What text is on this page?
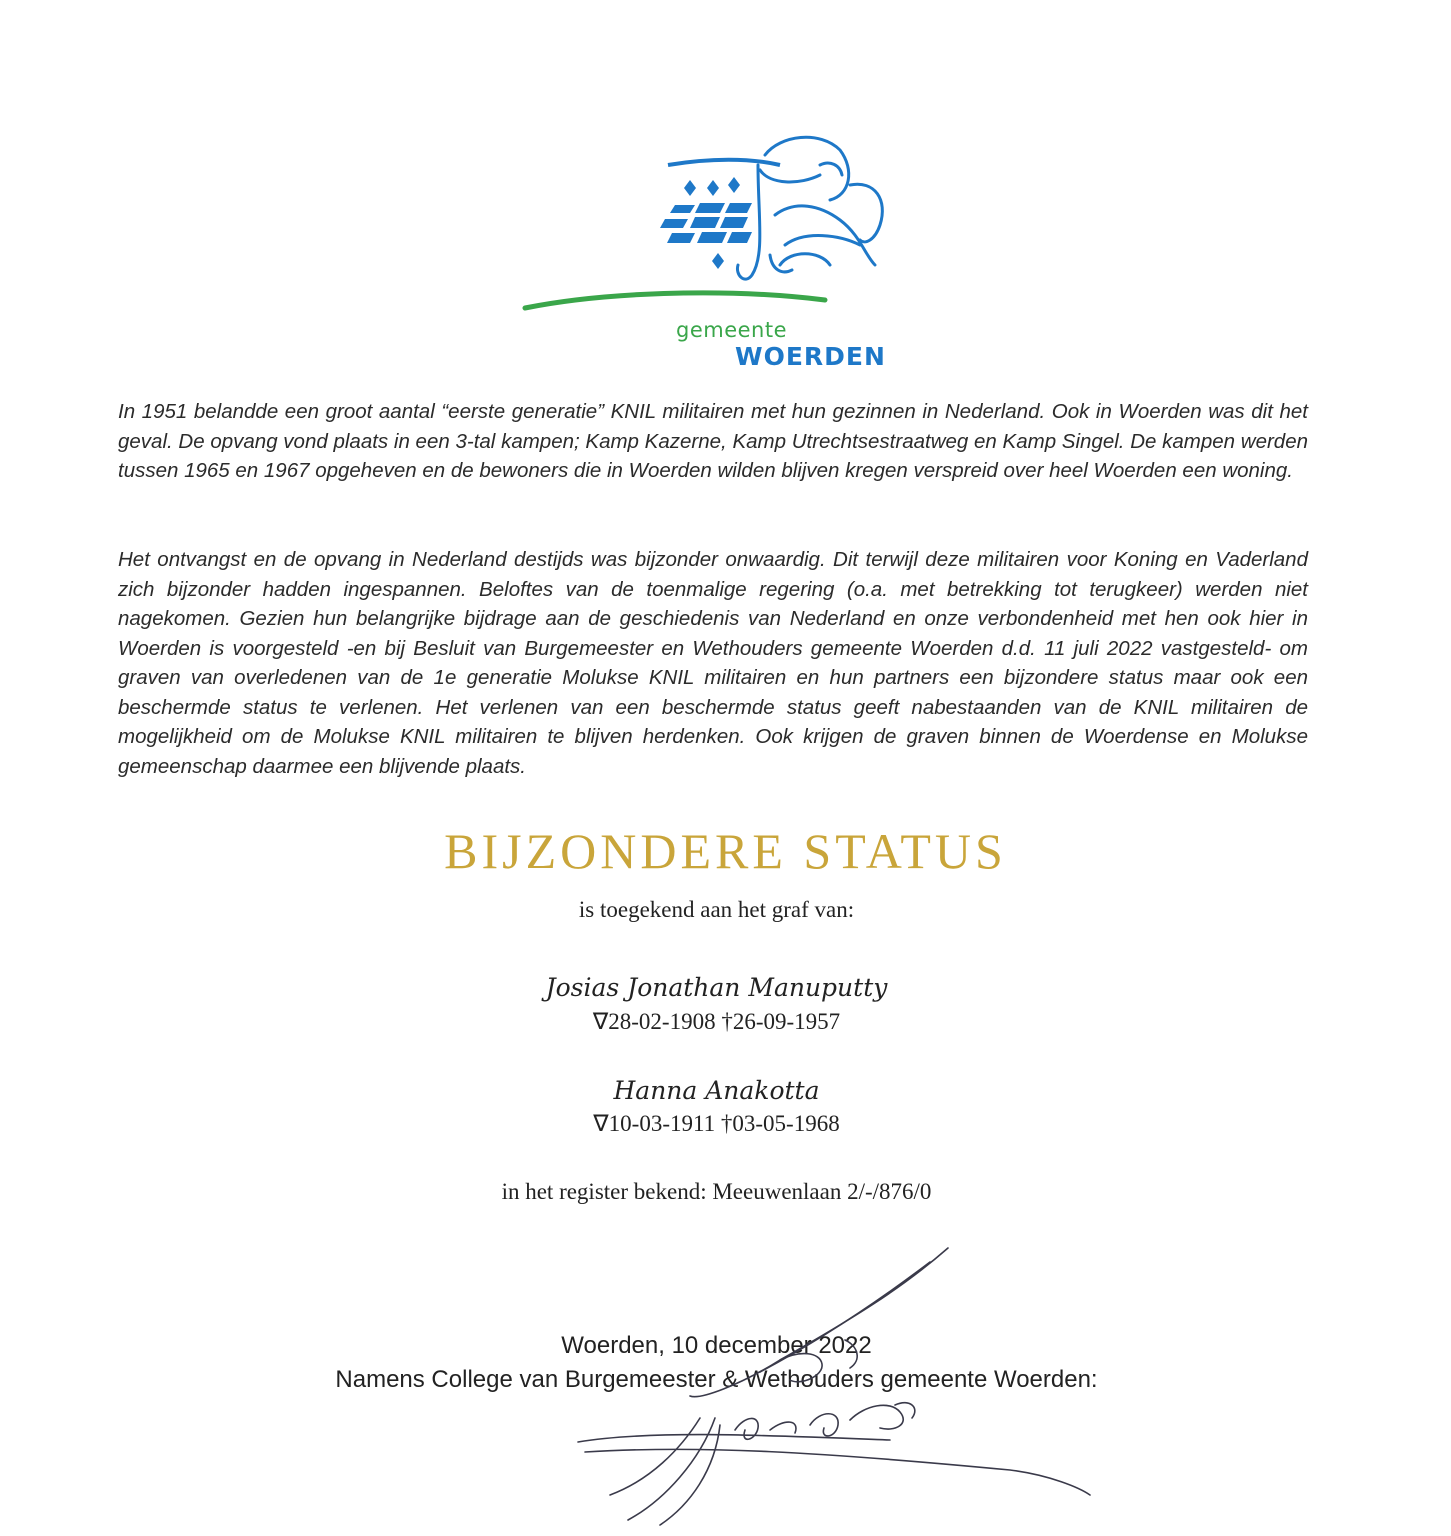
gemeente
WOERDEN

In 1951 belandde een groot aantal “eerste generatie” KNIL militairen met hun gezinnen in Nederland. Ook in Woerden was dit het geval. De opvang vond plaats in een 3-tal kampen; Kamp Kazerne, Kamp Utrechtsestraatweg en Kamp Singel. De kampen werden tussen 1965 en 1967 opgeheven en de bewoners die in Woerden wilden blijven kregen verspreid over heel Woerden een woning.

Het ontvangst en de opvang in Nederland destijds was bijzonder onwaardig. Dit terwijl deze militairen voor Koning en Vaderland zich bijzonder hadden ingespannen. Beloftes van de toenmalige regering (o.a. met betrekking tot terugkeer) werden niet nagekomen. Gezien hun belangrijke bijdrage aan de geschiedenis van Nederland en onze verbondenheid met hen ook hier in Woerden is voorgesteld -en bij Besluit van Burgemeester en Wethouders gemeente Woerden d.d. 11 juli 2022 vastgesteld- om graven van overledenen van de 1e generatie Molukse KNIL militairen en hun partners een bijzondere status maar ook een beschermde status te verlenen. Het verlenen van een beschermde status geeft nabestaanden van de KNIL militairen de mogelijkheid om de Molukse KNIL militairen te blijven herdenken. Ook krijgen de graven binnen de Woerdense en Molukse gemeenschap daarmee een blijvende plaats.

BIJZONDERE STATUS
is toegekend aan het graf van:
Josias Jonathan Manuputty
∇28-02-1908 †26-09-1957
Hanna Anakotta
∇10-03-1911 †03-05-1968
in het register bekend: Meeuwenlaan 2/-/876/0
Woerden, 10 december 2022
Namens College van Burgemeester & Wethouders gemeente Woerden:
